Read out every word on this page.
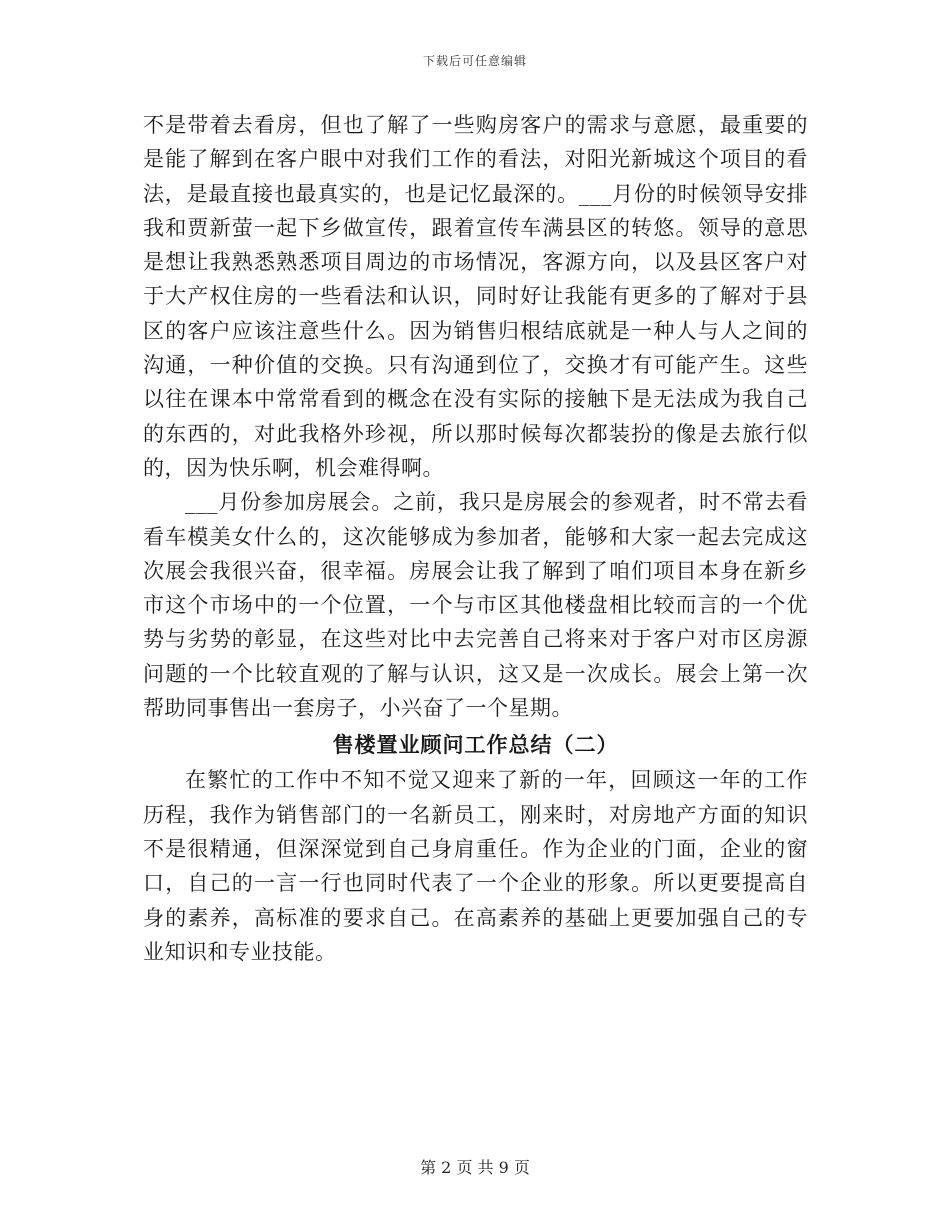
下载后可任意编辑

不是带着去看房，但也了解了一些购房客户的需求与意愿，最重要的是能了解到在客户眼中对我们工作的看法，对阳光新城这个项目的看法，是最直接也最真实的，也是记忆最深的。___月份的时候领导安排我和贾新萤一起下乡做宣传，跟着宣传车满县区的转悠。领导的意思是想让我熟悉熟悉项目周边的市场情况，客源方向，以及县区客户对于大产权住房的一些看法和认识，同时好让我能有更多的了解对于县区的客户应该注意些什么。因为销售归根结底就是一种人与人之间的沟通，一种价值的交换。只有沟通到位了，交换才有可能产生。这些以往在课本中常常看到的概念在没有实际的接触下是无法成为我自己的东西的，对此我格外珍视，所以那时候每次都装扮的像是去旅行似的，因为快乐啊，机会难得啊。

___月份参加房展会。之前，我只是房展会的参观者，时不常去看看车模美女什么的，这次能够成为参加者，能够和大家一起去完成这次展会我很兴奋，很幸福。房展会让我了解到了咱们项目本身在新乡市这个市场中的一个位置，一个与市区其他楼盘相比较而言的一个优势与劣势的彰显，在这些对比中去完善自己将来对于客户对市区房源问题的一个比较直观的了解与认识，这又是一次成长。展会上第一次帮助同事售出一套房子，小兴奋了一个星期。

售楼置业顾问工作总结（二）

在繁忙的工作中不知不觉又迎来了新的一年，回顾这一年的工作历程，我作为销售部门的一名新员工，刚来时，对房地产方面的知识不是很精通，但深深觉到自己身肩重任。作为企业的门面，企业的窗口，自己的一言一行也同时代表了一个企业的形象。所以更要提高自身的素养，高标准的要求自己。在高素养的基础上更要加强自己的专业知识和专业技能。

第 2 页 共 9 页
